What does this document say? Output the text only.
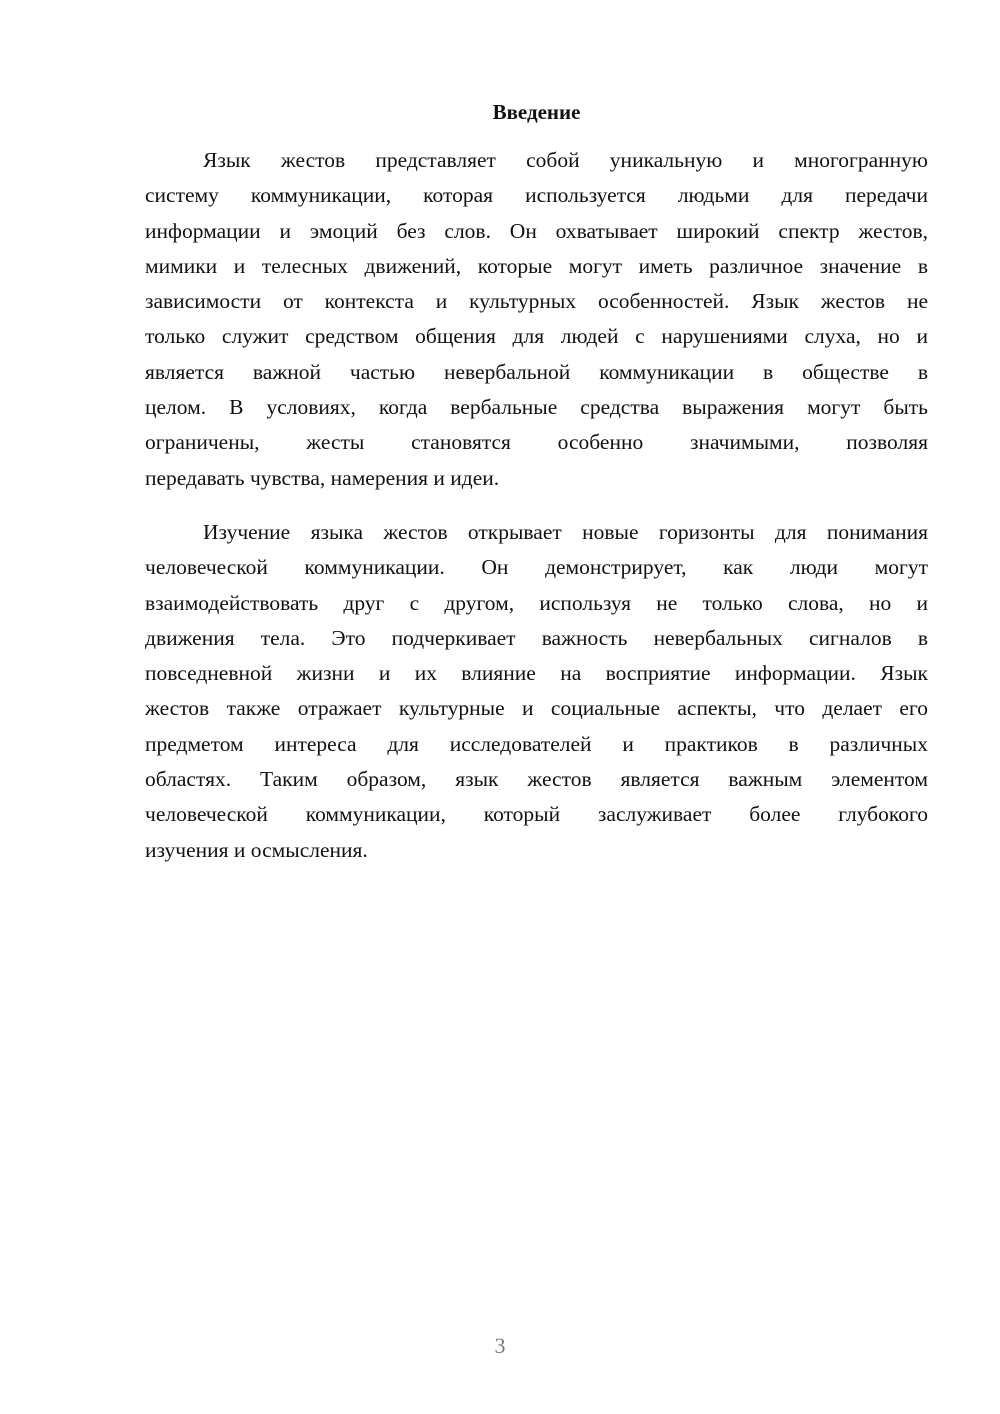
Введение

Язык жестов представляет собой уникальную и многогранную
систему коммуникации, которая используется людьми для передачи
информации и эмоций без слов. Он охватывает широкий спектр жестов,
мимики и телесных движений, которые могут иметь различное значение в
зависимости от контекста и культурных особенностей. Язык жестов не
только служит средством общения для людей с нарушениями слуха, но и
является важной частью невербальной коммуникации в обществе в
целом. В условиях, когда вербальные средства выражения могут быть
ограничены, жесты становятся особенно значимыми, позволяя
передавать чувства, намерения и идеи.

Изучение языка жестов открывает новые горизонты для понимания
человеческой коммуникации. Он демонстрирует, как люди могут
взаимодействовать друг с другом, используя не только слова, но и
движения тела. Это подчеркивает важность невербальных сигналов в
повседневной жизни и их влияние на восприятие информации. Язык
жестов также отражает культурные и социальные аспекты, что делает его
предметом интереса для исследователей и практиков в различных
областях. Таким образом, язык жестов является важным элементом
человеческой коммуникации, который заслуживает более глубокого
изучения и осмысления.

3
